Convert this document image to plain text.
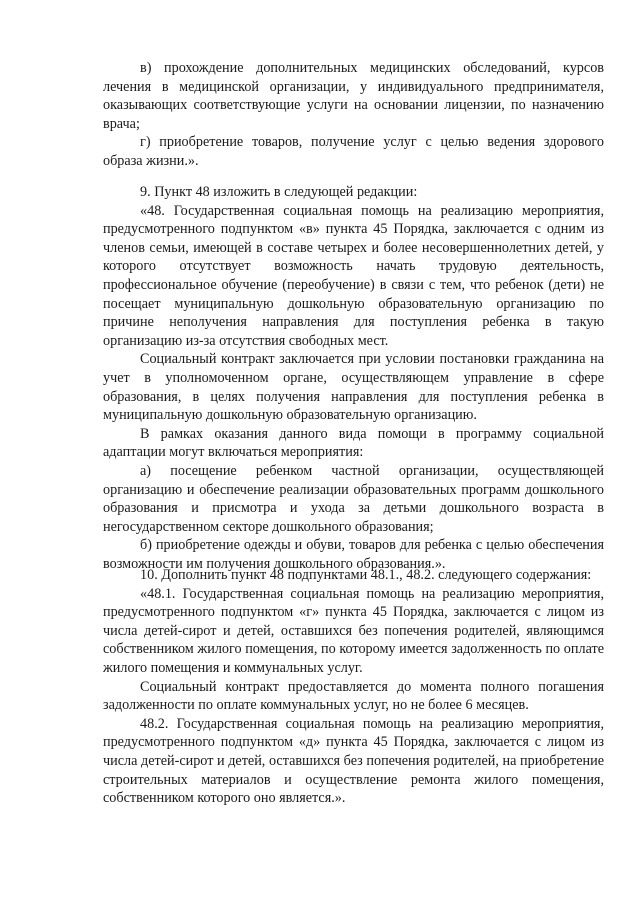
в) прохождение дополнительных медицинских обследований, курсов лечения в медицинской организации, у индивидуального предпринимателя, оказывающих соответствующие услуги на основании лицензии, по назначению врача;

г) приобретение товаров, получение услуг с целью ведения здорового образа жизни.».

9. Пункт 48 изложить в следующей редакции:

«48. Государственная социальная помощь на реализацию мероприятия, предусмотренного подпунктом «в» пункта 45 Порядка, заключается с одним из членов семьи, имеющей в составе четырех и более несовершеннолетних детей, у которого отсутствует возможность начать трудовую деятельность, профессиональное обучение (переобучение) в связи с тем, что ребенок (дети) не посещает муниципальную дошкольную образовательную организацию по причине неполучения направления для поступления ребенка в такую организацию из-за отсутствия свободных мест.

Социальный контракт заключается при условии постановки гражданина на учет в уполномоченном органе, осуществляющем управление в сфере образования, в целях получения направления для поступления ребенка в муниципальную дошкольную образовательную организацию.

В рамках оказания данного вида помощи в программу социальной адаптации могут включаться мероприятия:

а) посещение ребенком частной организации, осуществляющей организацию и обеспечение реализации образовательных программ дошкольного образования и присмотра и ухода за детьми дошкольного возраста в негосударственном секторе дошкольного образования;

б) приобретение одежды и обуви, товаров для ребенка с целью обеспечения возможности им получения дошкольного образования.».

10. Дополнить пункт 48 подпунктами 48.1., 48.2. следующего содержания:

«48.1. Государственная социальная помощь на реализацию мероприятия, предусмотренного подпунктом «г» пункта 45 Порядка, заключается с лицом из числа детей-сирот и детей, оставшихся без попечения родителей, являющимся собственником жилого помещения, по которому имеется задолженность по оплате жилого помещения и коммунальных услуг.

Социальный контракт предоставляется до момента полного погашения задолженности по оплате коммунальных услуг, но не более 6 месяцев.

48.2. Государственная социальная помощь на реализацию мероприятия, предусмотренного подпунктом «д» пункта 45 Порядка, заключается с лицом из числа детей-сирот и детей, оставшихся без попечения родителей, на приобретение строительных материалов и осуществление ремонта жилого помещения, собственником которого оно является.».
